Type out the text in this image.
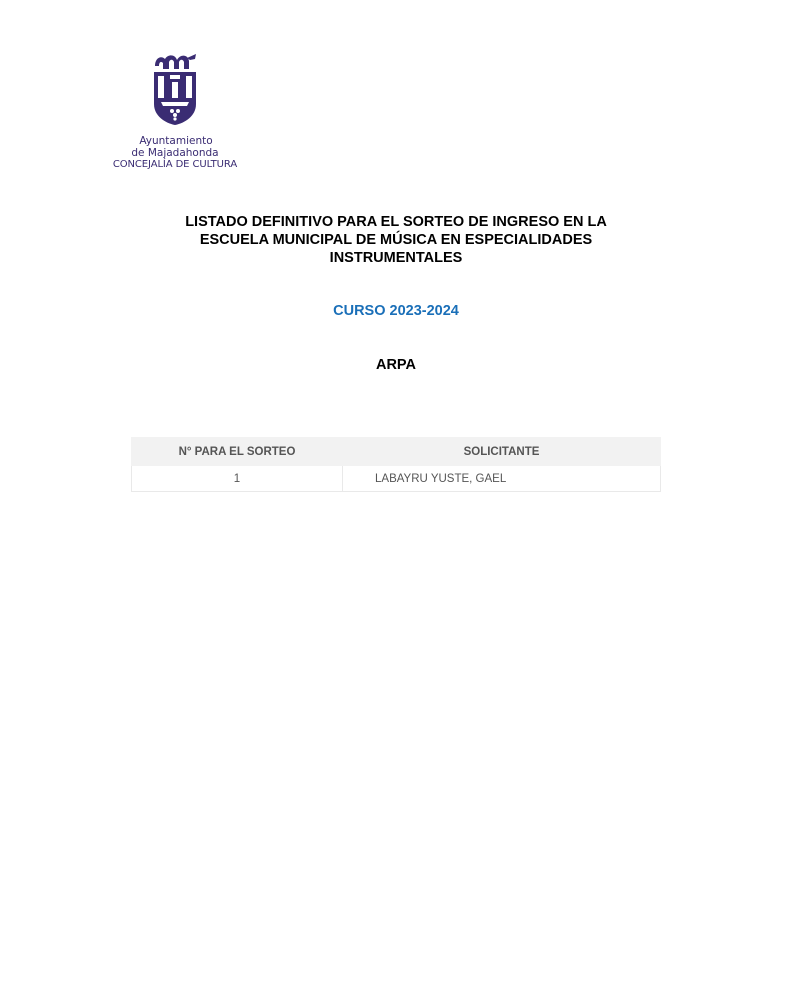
Ayuntamiento
de Majadahonda
CONCEJALÍA DE CULTURA
LISTADO DEFINITIVO PARA EL SORTEO DE INGRESO EN LA ESCUELA MUNICIPAL DE MÚSICA EN ESPECIALIDADES INSTRUMENTALES
CURSO 2023-2024
ARPA
N° PARA EL SORTEO	SOLICITANTE
1	LABAYRU YUSTE, GAEL
